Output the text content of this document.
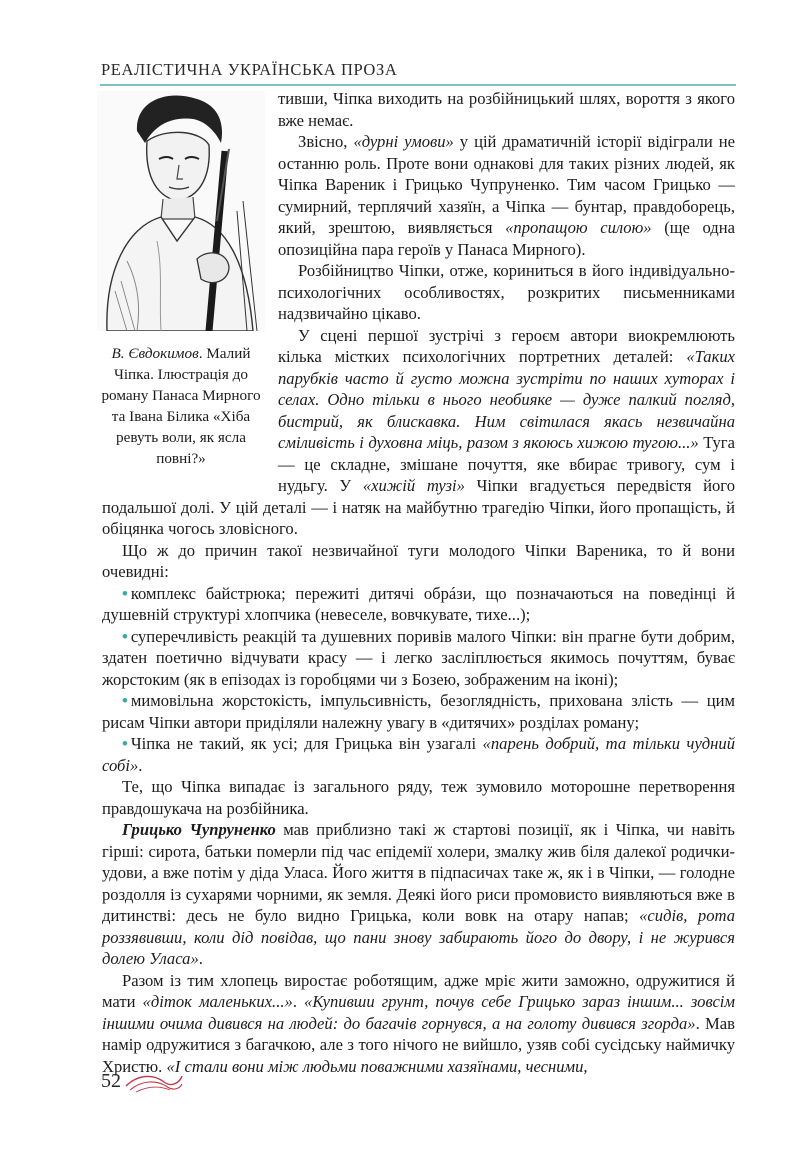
РЕАЛІСТИЧНА УКРАЇНСЬКА ПРОЗА
В. Євдокимов. Малий Чіпка. Ілюстрація до роману Панаса Мирного та Івана Білика «Хіба ревуть воли, як ясла повні?»

тивши, Чіпка виходить на розбійницький шлях, вороття з якого вже немає.

Звісно, «дурні умови» у цій драматичній історії відіграли не останню роль. Проте вони однакові для таких різних людей, як Чіпка Вареник і Грицько Чупруненко. Тим часом Грицько — сумирний, терплячий хазяїн, а Чіпка — бунтар, правдоборець, який, зрештою, виявляється «пропащою силою» (ще одна опозиційна пара героїв у Панаса Мирного).

Розбійництво Чіпки, отже, кориниться в його індивідуально-психологічних особливостях, розкритих письменниками надзвичайно цікаво.

У сцені першої зустрічі з героєм автори виокремлюють кілька містких психологічних портретних деталей: «Таких парубків часто й густо можна зустріти по наших хуторах і селах. Одно тільки в нього необияке — дуже палкий погляд, бистрий, як блискавка. Ним світилася якась незвичайна сміливість і духовна міць, разом з якоюсь хижою тугою...» Туга — це складне, змішане почуття, яке вбирає тривогу, сум і нудьгу. У «хижій тузі» Чіпки вгадується передвістя його подальшої долі. У цій деталі — і натяк на майбутню трагедію Чіпки, його пропащість, й обіцянка чогось зловісного.

Що ж до причин такої незвичайної туги молодого Чіпки Вареника, то й вони очевидні:

• комплекс байстрюка; пережиті дитячі обрáзи, що позначаються на поведінці й душевній структурі хлопчика (невеселе, вовчкувате, тихе...);

• суперечливість реакцій та душевних поривів малого Чіпки: він прагне бути добрим, здатен поетично відчувати красу — і легко засліплюється якимось почуттям, буває жорстоким (як в епізодах із горобцями чи з Бозею, зображеним на іконі);

• мимовільна жорстокість, імпульсивність, безоглядність, прихована злість — цим рисам Чіпки автори приділяли належну увагу в «дитячих» розділах роману;

• Чіпка не такий, як усі; для Грицька він узагалі «парень добрий, та тільки чудний собі».

Те, що Чіпка випадає із загального ряду, теж зумовило моторошне перетворення правдошукача на розбійника.

Грицько Чупруненко мав приблизно такі ж стартові позиції, як і Чіпка, чи навіть гірші: сирота, батьки померли під час епідемії холери, змалку жив біля далекої родички-удови, а вже потім у діда Уласа. Його життя в підпасичах таке ж, як і в Чіпки, — голодне роздолля із сухарями чорними, як земля. Деякі його риси промовисто виявляються вже в дитинстві: десь не було видно Грицька, коли вовк на отару напав; «сидів, рота роззявивши, коли дід повідав, що пани знову забирають його до двору, і не журився долею Уласа».

Разом із тим хлопець виростає роботящим, адже мріє жити заможно, одружитися й мати «діток маленьких...». «Купивши грунт, почув себе Грицько зараз іншим... зовсім іншими очима дивився на людей: до багачів горнувся, а на голоту дивився згорда». Мав намір одружитися з багачкою, але з того нічого не вийшло, узяв собі сусідську наймичку Христю. «І стали вони між людьми поважними хазяїнами, чесними,

52
